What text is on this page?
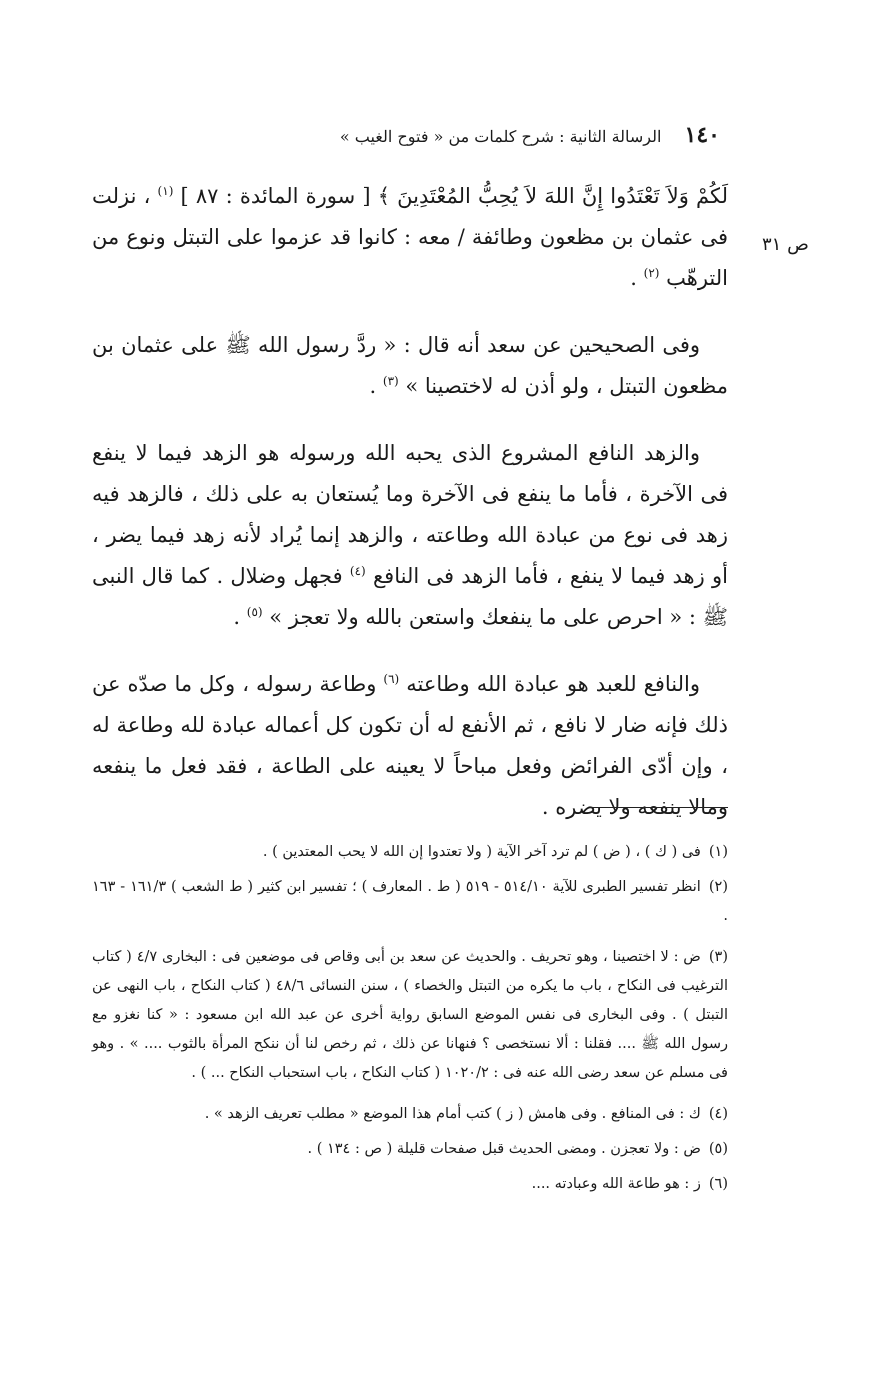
١٤٠ الرسالة الثانية : شرح كلمات من « فتوح الغيب »
ص ٣١

لَكُمْ وَلاَ تَعْتَدُوا إِنَّ اللهَ لاَ يُحِبُّ المُعْتَدِينَ ﴾ [ سورة المائدة : ٨٧ ] $^{(١)}$ ، نزلت فى عثمان بن مظعون وطائفة / معه : كانوا قد عزموا على التبتل ونوع من الترهّب $^{(٢)}$ .

وفى الصحيحين عن سعد أنه قال : « ردَّ رسول الله ﷺ على عثمان بن مظعون التبتل ، ولو أذن له لاختصينا » $^{(٣)}$ .

والزهد النافع المشروع الذى يحبه الله ورسوله هو الزهد فيما لا ينفع فى الآخرة ، فأما ما ينفع فى الآخرة وما يُستعان به على ذلك ، فالزهد فيه زهد فى نوع من عبادة الله وطاعته ، والزهد إنما يُراد لأنه زهد فيما يضر ، أو زهد فيما لا ينفع ، فأما الزهد فى النافع $^{(٤)}$ فجهل وضلال . كما قال النبى ﷺ : « احرص على ما ينفعك واستعن بالله ولا تعجز » $^{(٥)}$ .

والنافع للعبد هو عبادة الله وطاعته $^{(٦)}$ وطاعة رسوله ، وكل ما صدّه عن ذلك فإنه ضار لا نافع ، ثم الأنفع له أن تكون كل أعماله عبادة لله وطاعة له ، وإن أدّى الفرائض وفعل مباحاً لا يعينه على الطاعة ، فقد فعل ما ينفعه ومالا ينفعه ولا يضره .

(١)فى ( ك ) ، ( ض ) لم ترد آخر الآية ( ولا تعتدوا إن الله لا يحب المعتدين ) .
(٢)انظر تفسير الطبرى للآية ٥١٤/١٠ - ٥١٩ ( ط . المعارف ) ؛ تفسير ابن كثير ( ط الشعب ) ١٦١/٣ - ١٦٣ .
(٣)ض : لا اختصينا ، وهو تحريف . والحديث عن سعد بن أبى وقاص فى موضعين فى : البخارى ٤/٧ ( كتاب الترغيب فى النكاح ، باب ما يكره من التبتل والخصاء ) ، سنن النسائى ٤٨/٦ ( كتاب النكاح ، باب النهى عن التبتل ) . وفى البخارى فى نفس الموضع السابق رواية أخرى عن عبد الله ابن مسعود : « كنا نغزو مع رسول الله ﷺ .... فقلنا : ألا نستخصى ؟ فنهانا عن ذلك ، ثم رخص لنا أن ننكح المرأة بالثوب .... » . وهو فى مسلم عن سعد رضى الله عنه فى : ١٠٢٠/٢ ( كتاب النكاح ، باب استحباب النكاح ... ) .
(٤)ك : فى المنافع . وفى هامش ( ز ) كتب أمام هذا الموضع « مطلب تعريف الزهد » .
(٥)ض : ولا تعجزن . ومضى الحديث قبل صفحات قليلة ( ص : ١٣٤ ) .
(٦)ز : هو طاعة الله وعبادته ....
